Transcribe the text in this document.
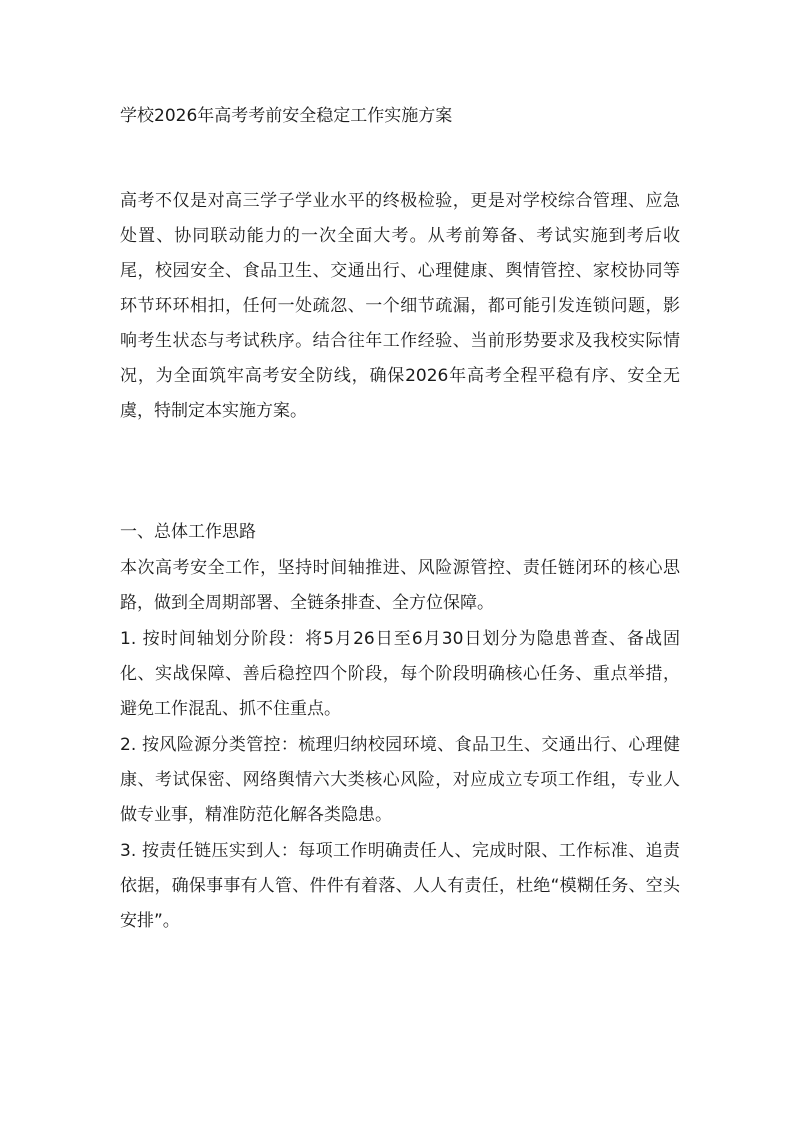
学校2026年高考考前安全稳定工作实施方案

高考不仅是对高三学子学业水平的终极检验，更是对学校综合管理、应急处置、协同联动能力的一次全面大考。从考前筹备、考试实施到考后收尾，校园安全、食品卫生、交通出行、心理健康、舆情管控、家校协同等环节环环相扣，任何一处疏忽、一个细节疏漏，都可能引发连锁问题，影响考生状态与考试秩序。结合往年工作经验、当前形势要求及我校实际情况，为全面筑牢高考安全防线，确保2026年高考全程平稳有序、安全无虞，特制定本实施方案。

一、总体工作思路

本次高考安全工作，坚持时间轴推进、风险源管控、责任链闭环的核心思路，做到全周期部署、全链条排查、全方位保障。

1. 按时间轴划分阶段：将5月26日至6月30日划分为隐患普查、备战固化、实战保障、善后稳控四个阶段，每个阶段明确核心任务、重点举措，避免工作混乱、抓不住重点。

2. 按风险源分类管控：梳理归纳校园环境、食品卫生、交通出行、心理健康、考试保密、网络舆情六大类核心风险，对应成立专项工作组，专业人做专业事，精准防范化解各类隐患。

3. 按责任链压实到人：每项工作明确责任人、完成时限、工作标准、追责依据，确保事事有人管、件件有着落、人人有责任，杜绝“模糊任务、空头安排”。
